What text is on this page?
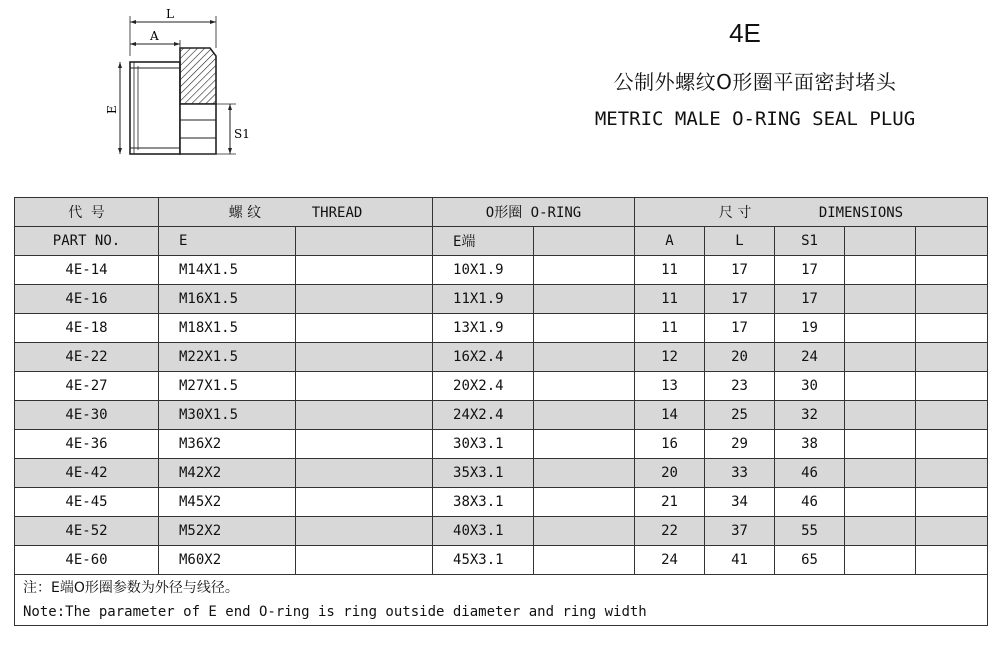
L
A
E
S1
4E
公制外螺纹O形圈平面密封堵头
METRIC MALE O-RING SEAL PLUG
代 号	螺 纹 THREAD		O形圈 O-RING		尺 寸 DIMENSIONS				
PART NO.	E		E端		A	L	S1		
4E-14	M14X1.5		10X1.9		11	17	17		
4E-16	M16X1.5		11X1.9		11	17	17		
4E-18	M18X1.5		13X1.9		11	17	19		
4E-22	M22X1.5		16X2.4		12	20	24		
4E-27	M27X1.5		20X2.4		13	23	30		
4E-30	M30X1.5		24X2.4		14	25	32		
4E-36	M36X2		30X3.1		16	29	38		
4E-42	M42X2		35X3.1		20	33	46		
4E-45	M45X2		38X3.1		21	34	46		
4E-52	M52X2		40X3.1		22	37	55		
4E-60	M60X2		45X3.1		24	41	65		

注：E端O形圈参数为外径与线径。
Note:The parameter of E end O-ring is ring outside diameter and ring width									
